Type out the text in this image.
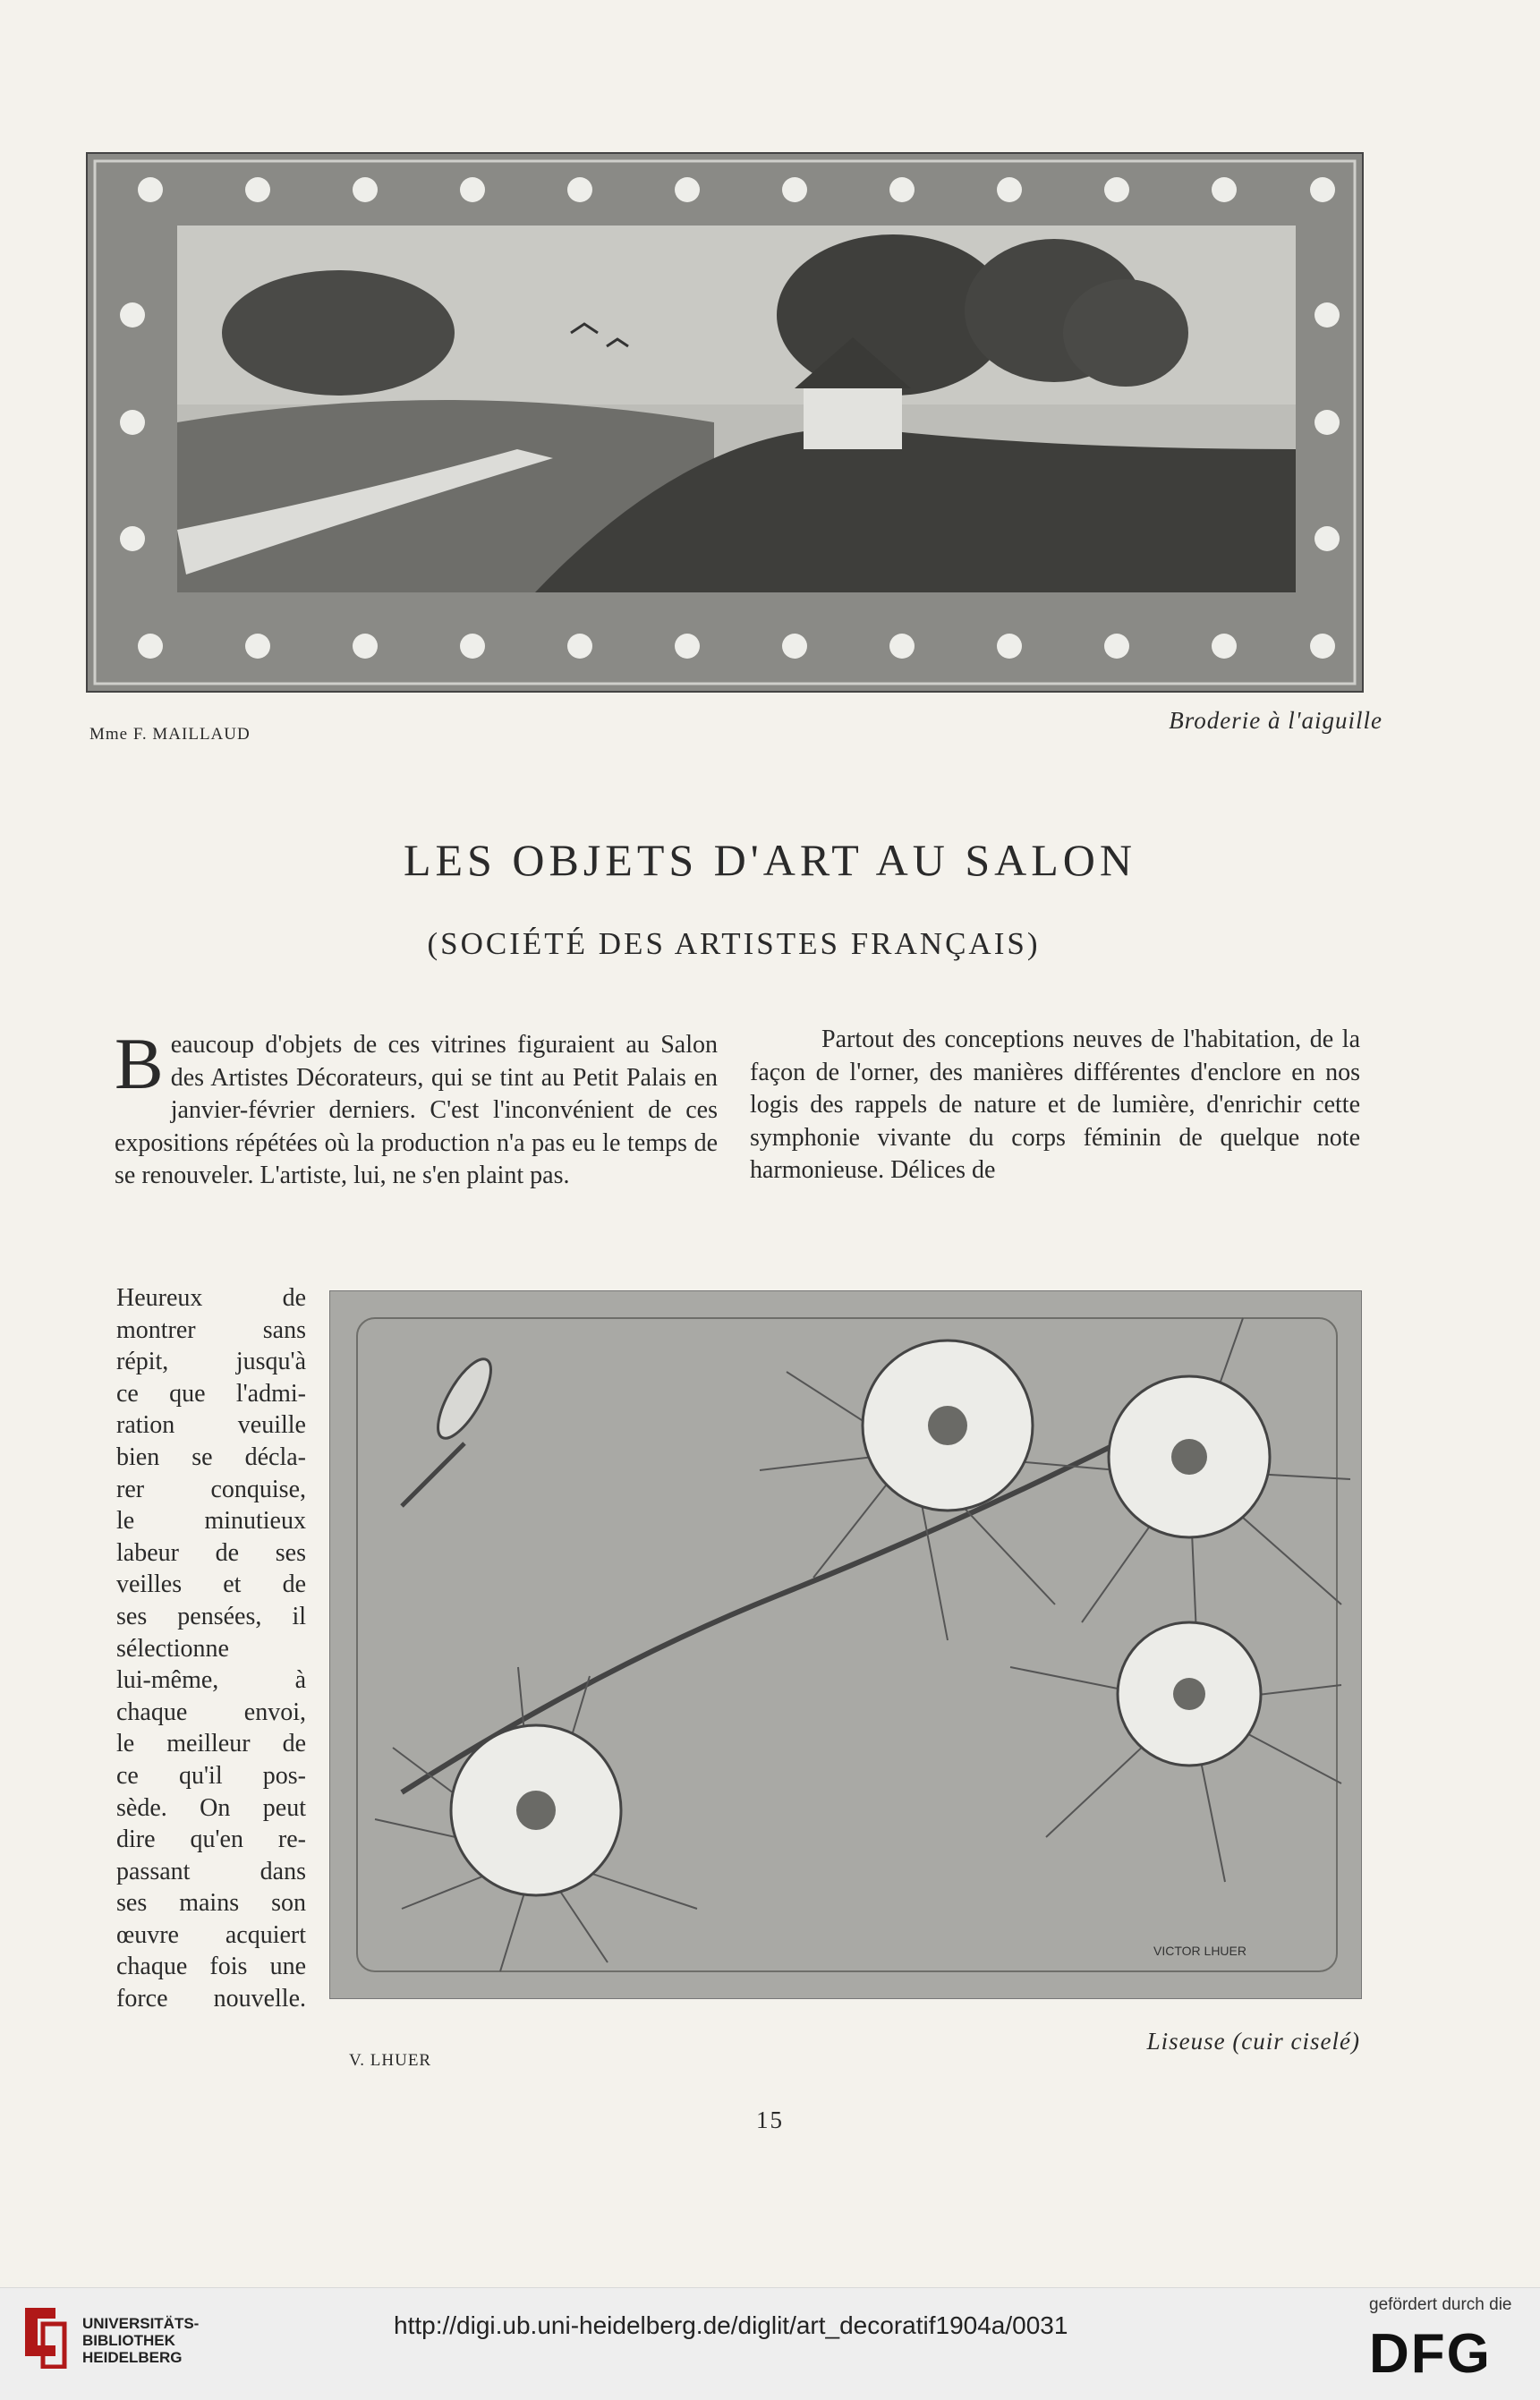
Mme F. MAILLAUD
Broderie à l'aiguille
LES OBJETS D'ART AU SALON
(SOCIÉTÉ DES ARTISTES FRANÇAIS)
B eaucoup d'objets de ces vitrines figuraient au Salon des Artistes Décorateurs, qui se tint au Petit Palais en janvier-février derniers. C'est l'inconvénient de ces expositions répétées où la production n'a pas eu le temps de se renouveler. L'artiste, lui, ne s'en plaint pas.
Heureux de
montrer sans
répit, jusqu'à
ce que l'admi-
ration veuille
bien se décla-
rer conquise,
le minutieux
labeur de ses
veilles et de
ses pensées, il
sélectionne
lui-même, à
chaque envoi,
le meilleur de
ce qu'il pos-
sède. On peut
dire qu'en re-
passant dans
ses mains son
œuvre acquiert
chaque fois une
force nouvelle.
Partout des conceptions neuves de l'habitation, de la façon de l'orner, des manières différentes d'enclore en nos logis des rappels de nature et de lumière, d'enrichir cette symphonie vivante du corps féminin de quelque note harmonieuse. Délices de
VICTOR LHUER
V. LHUER
Liseuse (cuir ciselé)
15
UNIVERSITÄTS-
BIBLIOTHEK
HEIDELBERG
http://digi.ub.uni-heidelberg.de/diglit/art_decoratif1904a/0031
gefördert durch die
DFG
